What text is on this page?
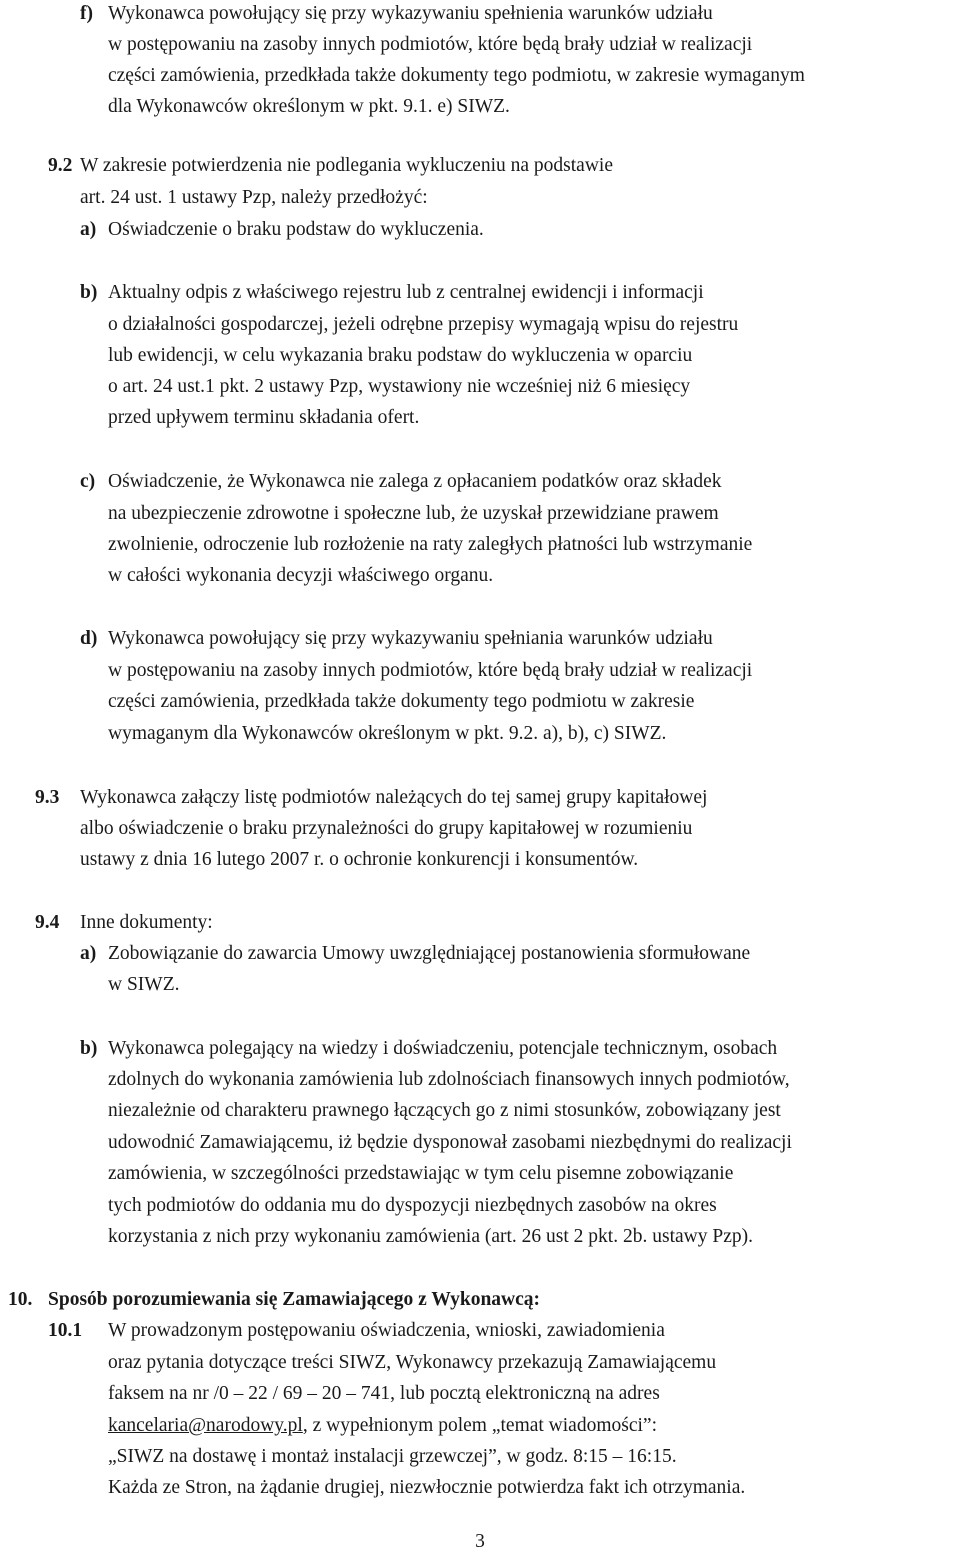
f) Wykonawca powołujący się przy wykazywaniu spełnienia warunków udziału
w postępowaniu na zasoby innych podmiotów, które będą brały udział w realizacji
części zamówienia, przedkłada także dokumenty tego podmiotu, w zakresie wymaganym
dla Wykonawców określonym w pkt. 9.1. e) SIWZ.
9.2 W zakresie potwierdzenia nie podlegania wykluczeniu na podstawie
art. 24 ust. 1 ustawy Pzp, należy przedłożyć:
a) Oświadczenie o braku podstaw do wykluczenia.
b) Aktualny odpis z właściwego rejestru lub z centralnej ewidencji i informacji
o działalności gospodarczej, jeżeli odrębne przepisy wymagają wpisu do rejestru
lub ewidencji, w celu wykazania braku podstaw do wykluczenia w oparciu
o art. 24 ust.1 pkt. 2 ustawy Pzp, wystawiony nie wcześniej niż 6 miesięcy
przed upływem terminu składania ofert.
c) Oświadczenie, że Wykonawca nie zalega z opłacaniem podatków oraz składek
na ubezpieczenie zdrowotne i społeczne lub, że uzyskał przewidziane prawem
zwolnienie, odroczenie lub rozłożenie na raty zaległych płatności lub wstrzymanie
w całości wykonania decyzji właściwego organu.
d) Wykonawca powołujący się przy wykazywaniu spełniania warunków udziału
w postępowaniu na zasoby innych podmiotów, które będą brały udział w realizacji
części zamówienia, przedkłada także dokumenty tego podmiotu w zakresie
wymaganym dla Wykonawców określonym w pkt. 9.2. a), b), c) SIWZ.
9.3 Wykonawca załączy listę podmiotów należących do tej samej grupy kapitałowej
albo oświadczenie o braku przynależności do grupy kapitałowej w rozumieniu
ustawy z dnia 16 lutego 2007 r. o ochronie konkurencji i konsumentów.
9.4 Inne dokumenty:
a) Zobowiązanie do zawarcia Umowy uwzględniającej postanowienia sformułowane
w SIWZ.
b) Wykonawca polegający na wiedzy i doświadczeniu, potencjale technicznym, osobach
zdolnych do wykonania zamówienia lub zdolnościach finansowych innych podmiotów,
niezależnie od charakteru prawnego łączących go z nimi stosunków, zobowiązany jest
udowodnić Zamawiającemu, iż będzie dysponował zasobami niezbędnymi do realizacji
zamówienia, w szczególności przedstawiając w tym celu pisemne zobowiązanie
tych podmiotów do oddania mu do dyspozycji niezbędnych zasobów na okres
korzystania z nich przy wykonaniu zamówienia (art. 26 ust 2 pkt. 2b. ustawy Pzp).
10. Sposób porozumiewania się Zamawiającego z Wykonawcą:
10.1 W prowadzonym postępowaniu oświadczenia, wnioski, zawiadomienia
oraz pytania dotyczące treści SIWZ, Wykonawcy przekazują Zamawiającemu
faksem na nr /0 – 22 / 69 – 20 – 741, lub pocztą elektroniczną na adres
kancelaria@narodowy.pl, z wypełnionym polem „temat wiadomości”:
„SIWZ na dostawę i montaż instalacji grzewczej”, w godz. 8:15 – 16:15.
Każda ze Stron, na żądanie drugiej, niezwłocznie potwierdza fakt ich otrzymania.
3
